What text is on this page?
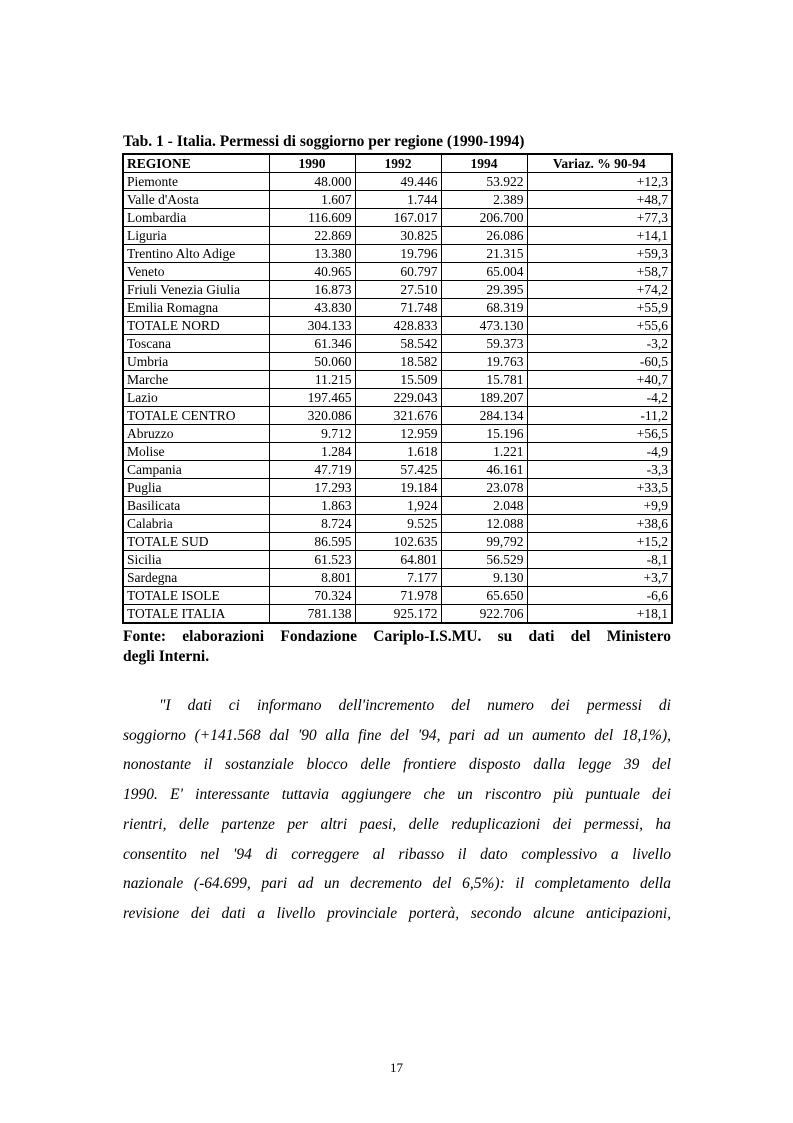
Tab. 1 - Italia. Permessi di soggiorno per regione (1990-1994)
REGIONE	1990	1992	1994	Variaz. % 90-94
Piemonte	48.000	49.446	53.922	+12,3
Valle d'Aosta	1.607	1.744	2.389	+48,7
Lombardia	116.609	167.017	206.700	+77,3
Liguria	22.869	30.825	26.086	+14,1
Trentino Alto Adige	13.380	19.796	21.315	+59,3
Veneto	40.965	60.797	65.004	+58,7
Friuli Venezia Giulia	16.873	27.510	29.395	+74,2
Emilia Romagna	43.830	71.748	68.319	+55,9
TOTALE NORD	304.133	428.833	473.130	+55,6
Toscana	61.346	58.542	59.373	-3,2
Umbria	50.060	18.582	19.763	-60,5
Marche	11.215	15.509	15.781	+40,7
Lazio	197.465	229.043	189.207	-4,2
TOTALE CENTRO	320.086	321.676	284.134	-11,2
Abruzzo	9.712	12.959	15.196	+56,5
Molise	1.284	1.618	1.221	-4,9
Campania	47.719	57.425	46.161	-3,3
Puglia	17.293	19.184	23.078	+33,5
Basilicata	1.863	1,924	2.048	+9,9
Calabria	8.724	9.525	12.088	+38,6
TOTALE SUD	86.595	102.635	99,792	+15,2
Sicilia	61.523	64.801	56.529	-8,1
Sardegna	8.801	7.177	9.130	+3,7
TOTALE ISOLE	70.324	71.978	65.650	-6,6
TOTALE ITALIA	781.138	925.172	922.706	+18,1
Fonte: elaborazioni Fondazione Cariplo-I.S.MU. su dati del Ministero
degli Interni.
"I dati ci informano dell'incremento del numero dei permessi di
soggiorno (+141.568 dal '90 alla fine del '94, pari ad un aumento del 18,1%),
nonostante il sostanziale blocco delle frontiere disposto dalla legge 39 del
1990. E' interessante tuttavia aggiungere che un riscontro più puntuale dei
rientri, delle partenze per altri paesi, delle reduplicazioni dei permessi, ha
consentito nel '94 di correggere al ribasso il dato complessivo a livello
nazionale (-64.699, pari ad un decremento del 6,5%): il completamento della
revisione dei dati a livello provinciale porterà, secondo alcune anticipazioni,
17
